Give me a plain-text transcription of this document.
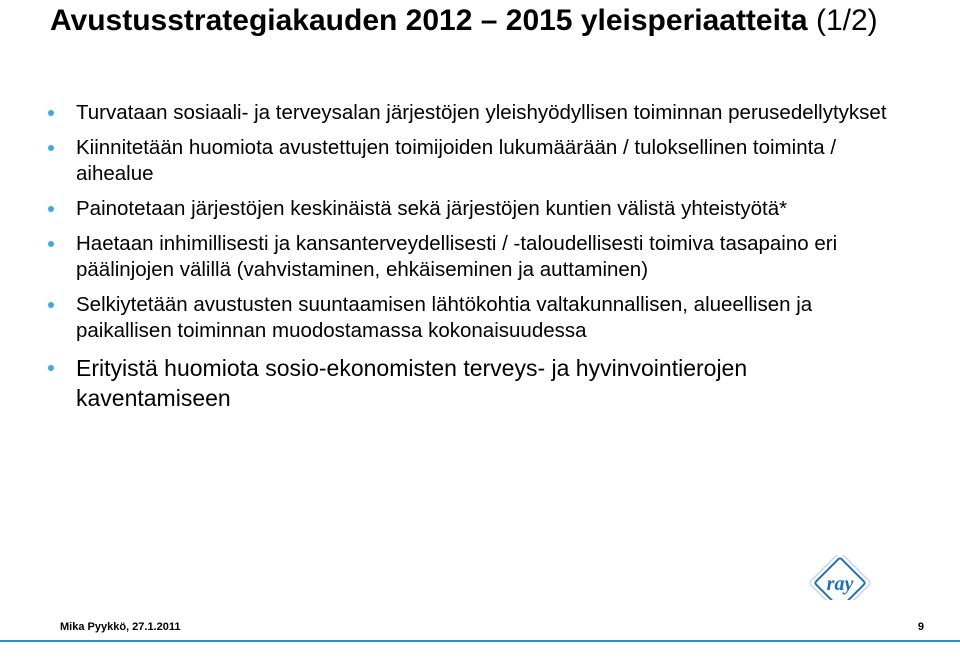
Avustusstrategiakauden 2012 – 2015 yleisperiaatteita (1/2)
Turvataan sosiaali- ja terveysalan järjestöjen yleishyödyllisen toiminnan perusedellytykset
Kiinnitetään huomiota avustettujen toimijoiden lukumäärään / tuloksellinen toiminta / aihealue
Painotetaan järjestöjen keskinäistä sekä järjestöjen kuntien välistä yhteistyötä*
Haetaan inhimillisesti ja kansanterveydellisesti / -taloudellisesti toimiva tasapaino eri päälinjojen välillä (vahvistaminen, ehkäiseminen ja auttaminen)
Selkiytetään avustusten suuntaamisen lähtökohtia valtakunnallisen, alueellisen ja paikallisen toiminnan muodostamassa kokonaisuudessa
Erityistä huomiota sosio-ekonomisten terveys- ja hyvinvointierojen kaventamiseen
ray
Mika Pyykkö, 27.1.2011	9
